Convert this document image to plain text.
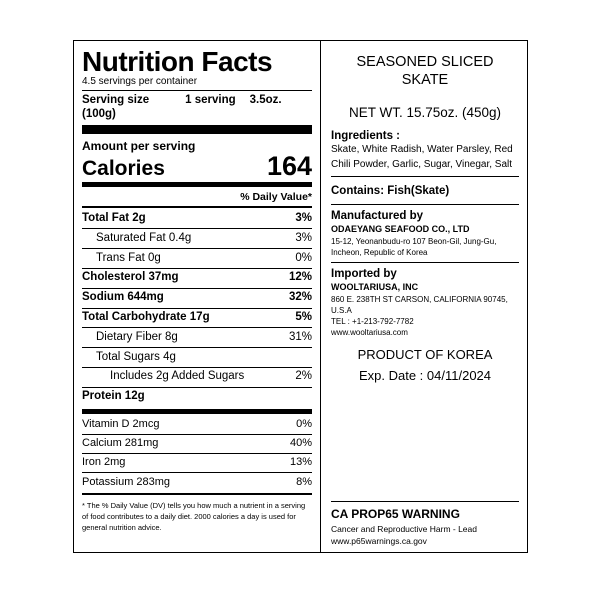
Nutrition Facts
4.5 servings per container
Serving size	1 serving 3.5oz.
(100g)
Amount per serving
Calories	164
% Daily Value*
Total Fat 2g	3%
Saturated Fat 0.4g	3%
Trans Fat 0g	0%
Cholesterol 37mg	12%
Sodium 644mg	32%
Total Carbohydrate 17g	5%
Dietary Fiber 8g	31%
Total Sugars 4g
Includes 2g Added Sugars	2%
Protein 12g
Vitamin D 2mcg	0%
Calcium 281mg	40%
Iron 2mg	13%
Potassium 283mg	8%
* The % Daily Value (DV) tells you how much a nutrient in a serving of food contributes to a daily diet. 2000 calories a day is used for general nutrition advice.
SEASONED SLICED
SKATE
NET WT. 15.75oz. (450g)
Ingredients :
Skate, White Radish, Water Parsley, Red Chili Powder, Garlic, Sugar, Vinegar, Salt
Contains: Fish(Skate)
Manufactured by
ODAEYANG SEAFOOD CO., LTD
15-12, Yeonanbudu-ro 107 Beon-Gil, Jung-Gu, Incheon, Republic of Korea
Imported by
WOOLTARIUSA, INC
860 E. 238TH ST CARSON, CALIFORNIA 90745, U.S.A
TEL : +1-213-792-7782
www.wooltariusa.com
PRODUCT OF KOREA
Exp. Date : 04/11/2024
CA PROP65 WARNING
Cancer and Reproductive Harm - Lead
www.p65warnings.ca.gov
